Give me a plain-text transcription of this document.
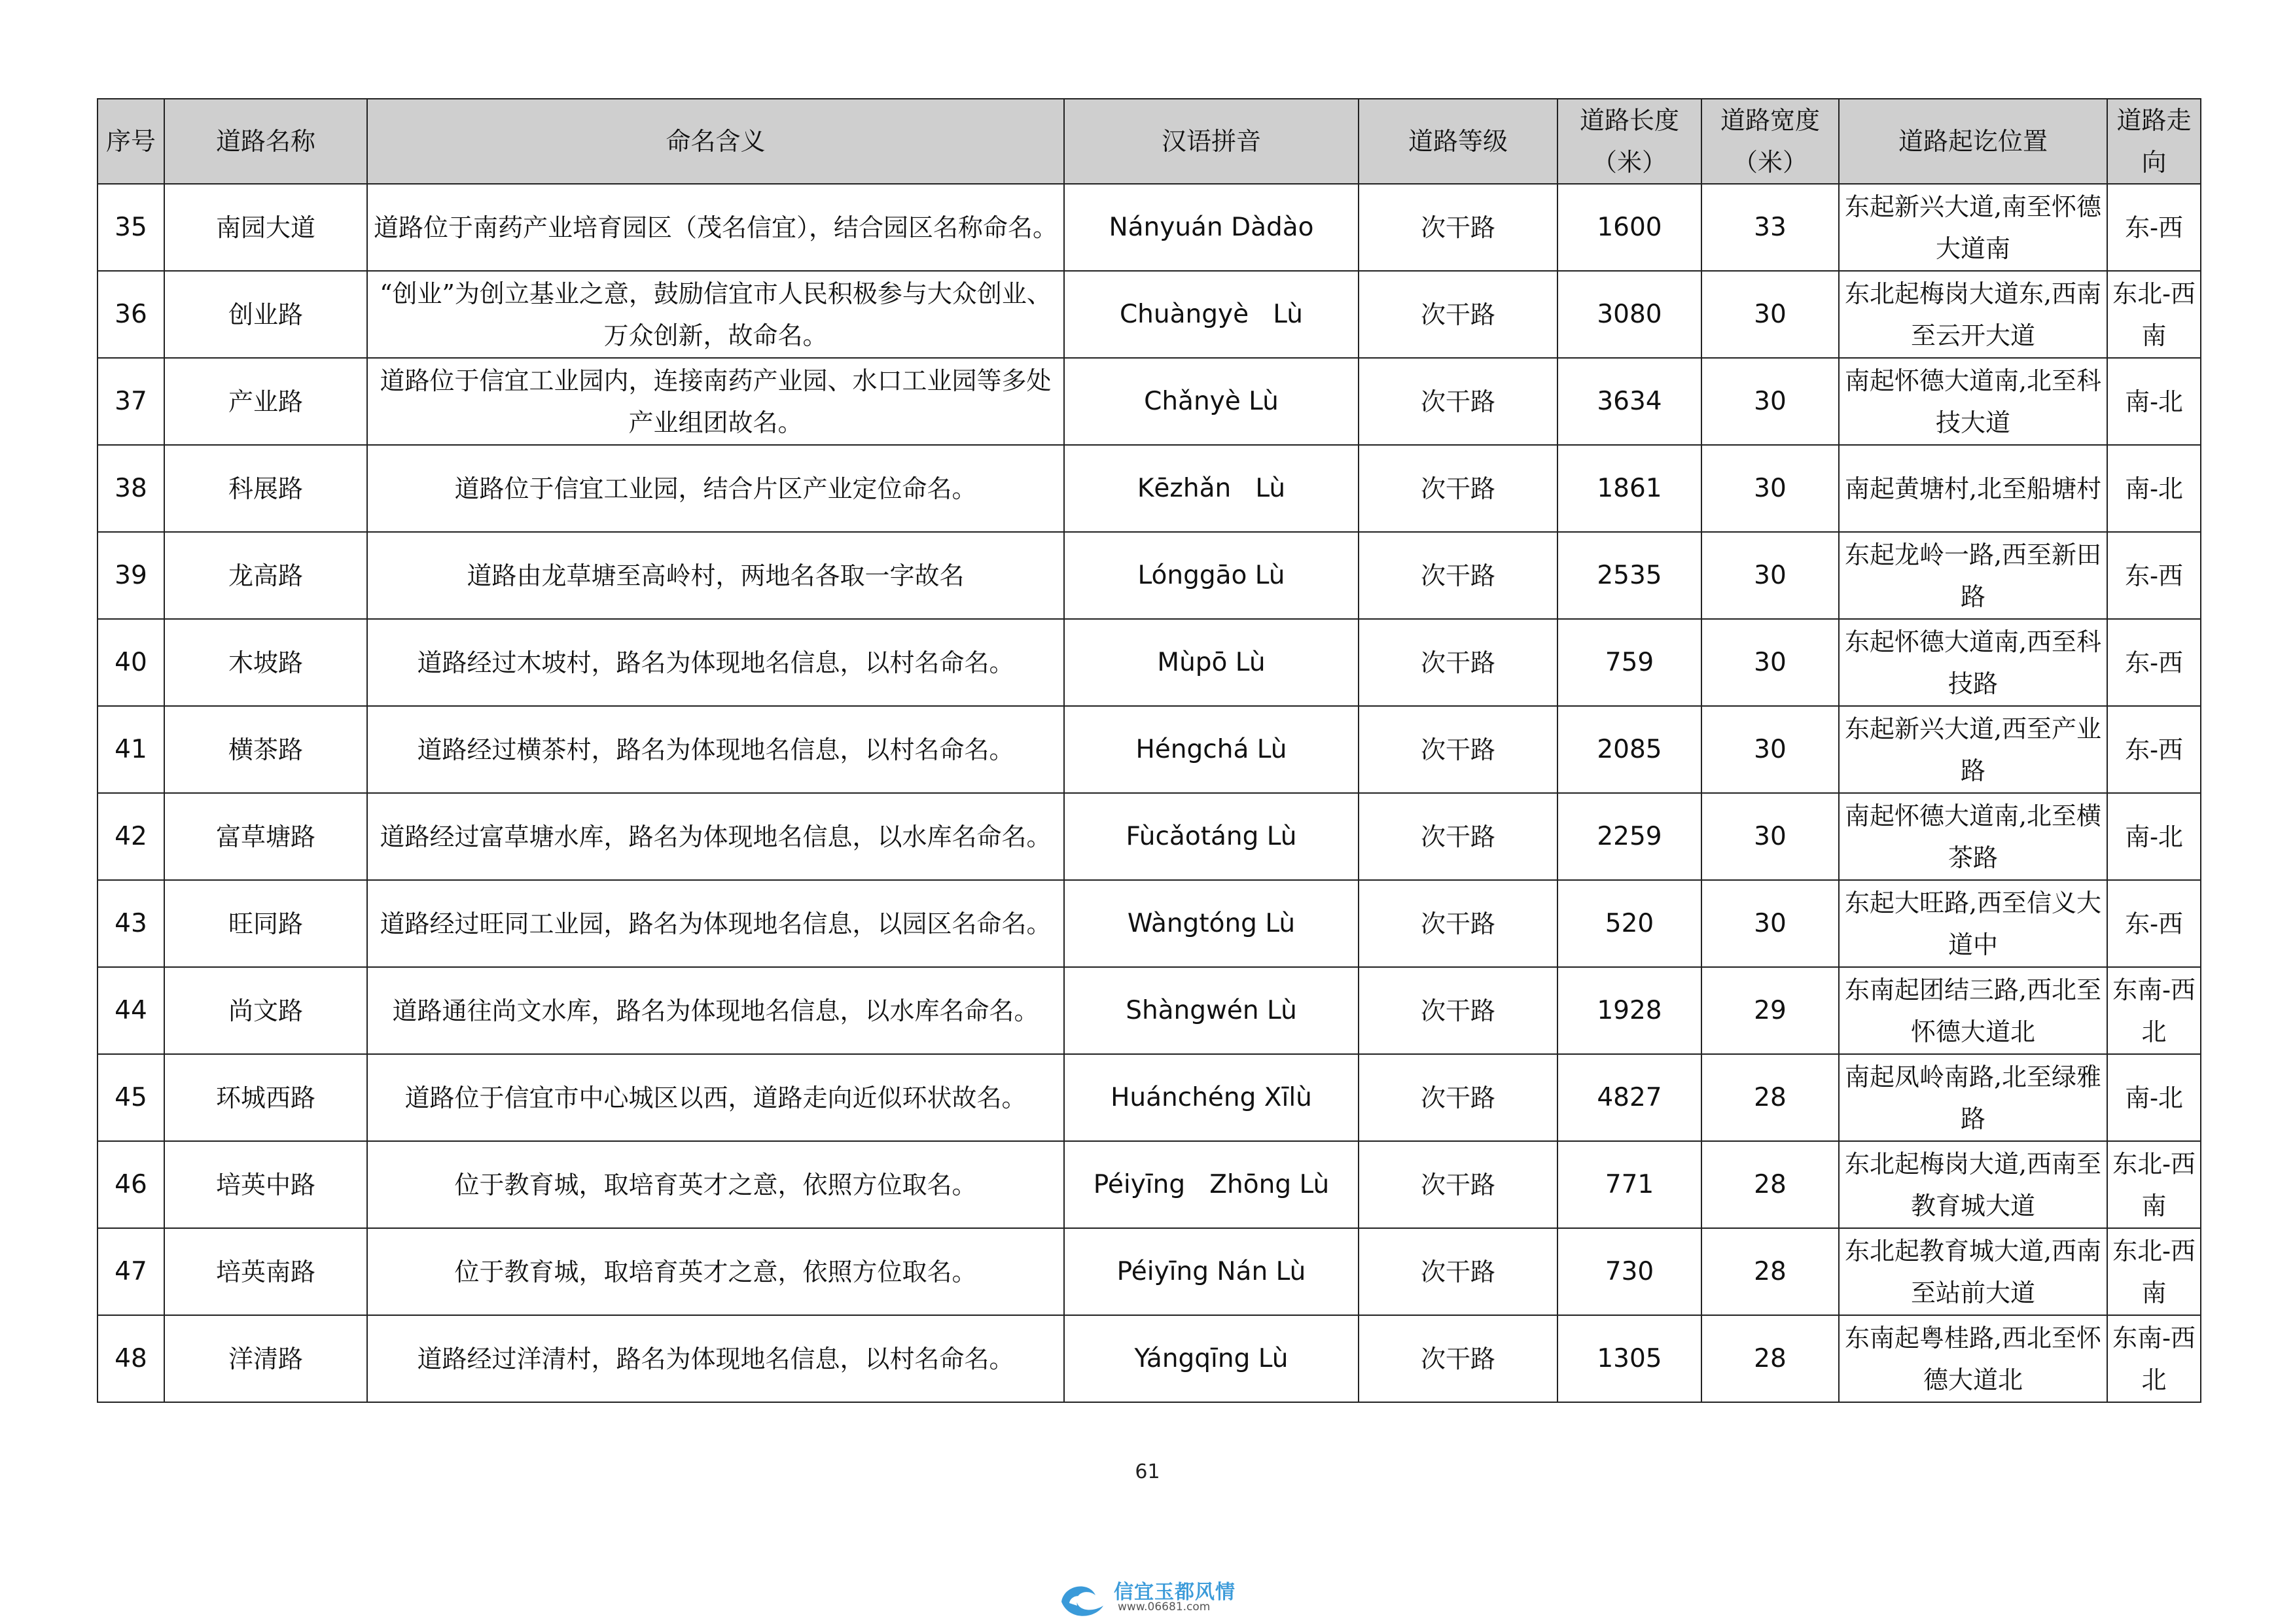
序号	道路名称	命名含义	汉语拼音	道路等级	道路长度（米）	道路宽度（米）	道路起讫位置	道路走向
35	南园大道	道路位于南药产业培育园区（茂名信宜），结合园区名称命名。	Nányuán Dàdào	次干路	1600	33	东起新兴大道,南至怀德大道南	东-西
36	创业路	“创业”为创立基业之意，鼓励信宜市人民积极参与大众创业、万众创新，故命名。	Chuàngyè   Lù	次干路	3080	30	东北起梅岗大道东,西南至云开大道	东北-西南
37	产业路	道路位于信宜工业园内，连接南药产业园、水口工业园等多处产业组团故名。	Chǎnyè Lù	次干路	3634	30	南起怀德大道南,北至科技大道	南-北
38	科展路	道路位于信宜工业园，结合片区产业定位命名。	Kēzhǎn   Lù	次干路	1861	30	南起黄塘村,北至船塘村	南-北
39	龙高路	道路由龙草塘至高岭村，两地名各取一字故名	Lónggāo Lù	次干路	2535	30	东起龙岭一路,西至新田路	东-西
40	木坡路	道路经过木坡村，路名为体现地名信息，以村名命名。	Mùpō Lù	次干路	759	30	东起怀德大道南,西至科技路	东-西
41	横茶路	道路经过横茶村，路名为体现地名信息，以村名命名。	Héngchá Lù	次干路	2085	30	东起新兴大道,西至产业路	东-西
42	富草塘路	道路经过富草塘水库，路名为体现地名信息，以水库名命名。	Fùcǎotáng Lù	次干路	2259	30	南起怀德大道南,北至横茶路	南-北
43	旺同路	道路经过旺同工业园，路名为体现地名信息，以园区名命名。	Wàngtóng Lù	次干路	520	30	东起大旺路,西至信义大道中	东-西
44	尚文路	道路通往尚文水库，路名为体现地名信息，以水库名命名。	Shàngwén Lù	次干路	1928	29	东南起团结三路,西北至怀德大道北	东南-西北
45	环城西路	道路位于信宜市中心城区以西，道路走向近似环状故名。	Huánchéng Xīlù	次干路	4827	28	南起凤岭南路,北至绿雅路	南-北
46	培英中路	位于教育城，取培育英才之意，依照方位取名。	Péiyīng   Zhōng Lù	次干路	771	28	东北起梅岗大道,西南至教育城大道	东北-西南
47	培英南路	位于教育城，取培育英才之意，依照方位取名。	Péiyīng Nán Lù	次干路	730	28	东北起教育城大道,西南至站前大道	东北-西南
48	洋清路	道路经过洋清村，路名为体现地名信息，以村名命名。	Yángqīng Lù	次干路	1305	28	东南起粤桂路,西北至怀德大道北	东南-西北
61
信宜玉都风情
www.06681.com
